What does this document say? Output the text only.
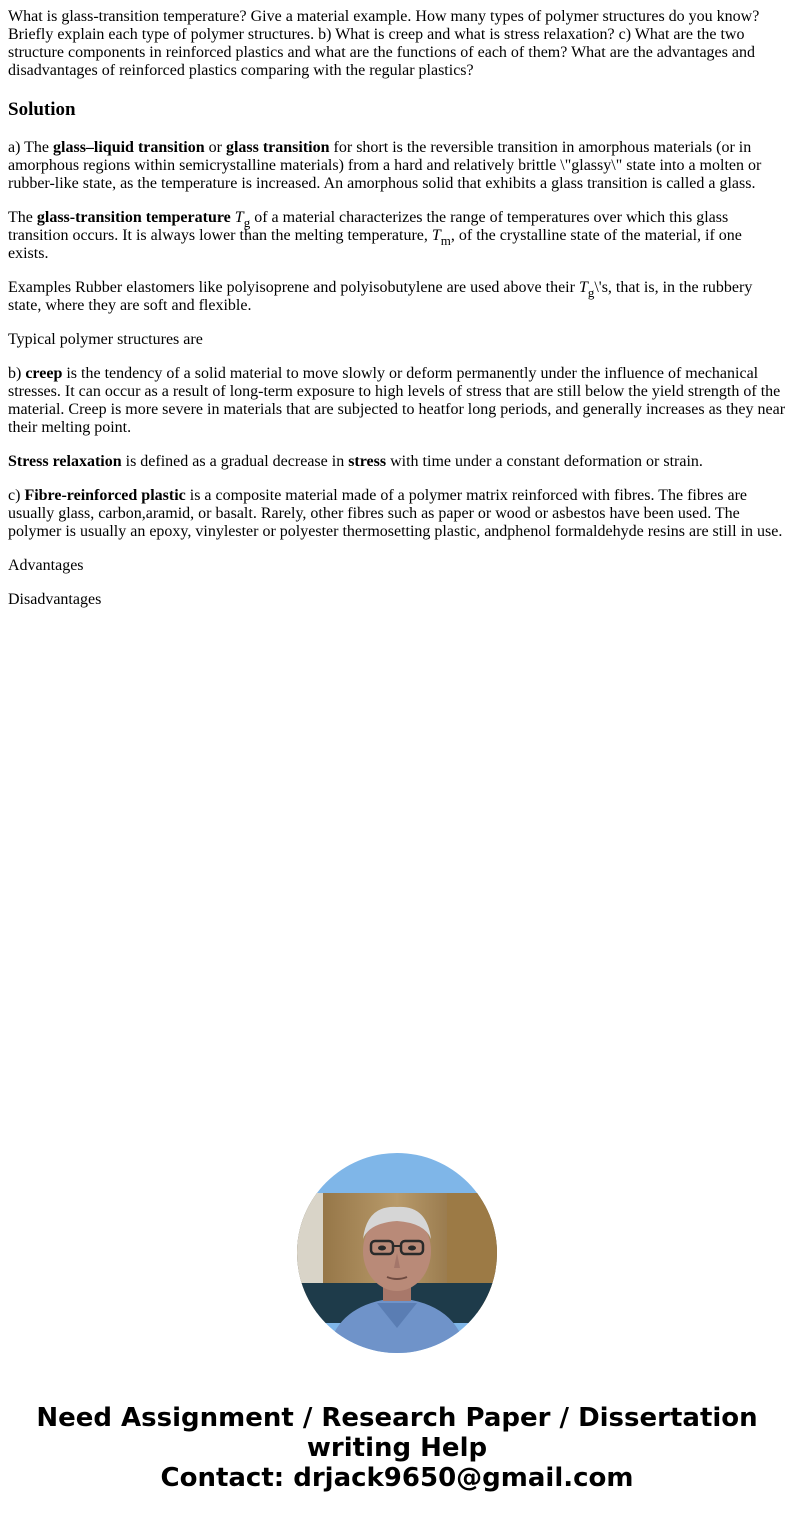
What is glass-transition temperature? Give a material example. How many types of polymer structures do you know? Briefly explain each type of polymer structures. b) What is creep and what is stress relaxation? c) What are the two structure components in reinforced plastics and what are the functions of each of them? What are the advantages and disadvantages of reinforced plastics comparing with the regular plastics?
Solution

a) The glass–liquid transition or glass transition for short is the reversible transition in amorphous materials (or in amorphous regions within semicrystalline materials) from a hard and relatively brittle \"glassy\" state into a molten or rubber-like state, as the temperature is increased. An amorphous solid that exhibits a glass transition is called a glass.

The glass-transition temperature $T_g$ of a material characterizes the range of temperatures over which this glass transition occurs. It is always lower than the melting temperature, $T_m$, of the crystalline state of the material, if one exists.

Examples Rubber elastomers like polyisoprene and polyisobutylene are used above their $T_g\backslash's$, that is, in the rubbery state, where they are soft and flexible.

Typical polymer structures are

b) creep is the tendency of a solid material to move slowly or deform permanently under the influence of mechanical stresses. It can occur as a result of long-term exposure to high levels of stress that are still below the yield strength of the material. Creep is more severe in materials that are subjected to heatfor long periods, and generally increases as they near their melting point.

Stress relaxation is defined as a gradual decrease in stress with time under a constant deformation or strain.

c) Fibre-reinforced plastic is a composite material made of a polymer matrix reinforced with fibres. The fibres are usually glass, carbon,aramid, or basalt. Rarely, other fibres such as paper or wood or asbestos have been used. The polymer is usually an epoxy, vinylester or polyester thermosetting plastic, andphenol formaldehyde resins are still in use.

Advantages

Disadvantages

Need Assignment / Research Paper / Dissertation
writing Help
Contact: drjack9650@gmail.com
